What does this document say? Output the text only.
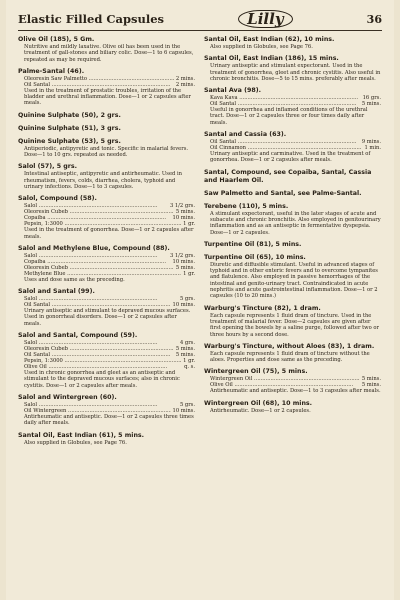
Elastic Filled Capsules	Lilly	36
Olive Oil (185), 5 Gm.
Nutritive and mildly laxative. Olive oil has been used in the treatment of gall-stones and biliary colic. Dose—1 to 6 capsules, repeated as may be required.
Palme-Santal (46).
Oleoresin Saw Palmetto .....	2 mins.
Oil Santal .....	2 mins.
Used in the treatment of prostatic troubles, irritation of the bladder and urethral inflammation. Dose—1 or 2 capsules after meals.
Quinine Sulphate (50), 2 grs.
Quinine Sulphate (51), 3 grs.
Quinine Sulphate (53), 5 grs.
Antiperiodic, antipyretic and tonic. Specific in malarial fevers. Dose—1 to 10 grs. repeated as needed.
Salol (57), 5 grs.
Intestinal antiseptic, antipyretic and antirheumatic. Used in rheumatism, fevers, colds, diarrhea, cholera, typhoid and urinary infections. Dose—1 to 3 capsules.
Salol, Compound (58).
Salol .....	3 1/2 grs.
Oleoresin Cubeb .....	5 mins.
Copaiba .....	10 mins.
Pepsin, 1:3000 .....	1 gr.
Used in the treatment of gonorrhea. Dose—1 or 2 capsules after meals.
Salol and Methylene Blue, Compound (88).
Salol .....	3 1/2 grs.
Copaiba .....	10 mins.
Oleoresin Cubeb .....	5 mins.
Methylene Blue .....	1 gr.
Uses and dose same as the preceding.
Salol and Santal (99).
Salol .....	5 grs.
Oil Santal .....	10 mins.
Urinary antiseptic and stimulant to depraved mucous surfaces. Used in gonorrheal disorders. Dose—1 or 2 capsules after meals.
Salol and Santal, Compound (59).
Salol .....	4 grs.
Oleoresin Cubeb .....	5 mins.
Oil Santal .....	5 mins.
Pepsin, 1:3000 .....	1 gr.
Olive Oil .....	q. s.
Used in chronic gonorrhea and gleet as an antiseptic and stimulant to the depraved mucous surfaces; also in chronic cystitis. Dose—1 or 2 capsules after meals.
Salol and Wintergreen (60).
Salol .....	5 grs.
Oil Wintergreen .....	10 mins.
Antirheumatic and antiseptic. Dose—1 or 2 capsules three times daily after meals.
Santal Oil, East Indian (61), 5 mins.
Also supplied in Globules, see Page 76.
Santal Oil, East Indian (62), 10 mins.
Also supplied in Globules, see Page 76.
Santal Oil, East Indian (186), 15 mins.
Urinary antiseptic and stimulant expectorant. Used in the treatment of gonorrhea, gleet and chronic cystitis. Also useful in chronic bronchitis. Dose—5 to 15 mins. preferably after meals.
Santal Ava (98).
Kava Kava .....	16 grs.
Oil Santal .....	5 mins.
Useful in gonorrhea and inflamed conditions of the urethral tract. Dose—1 or 2 capsules three or four times daily after meals.
Santal and Cassia (63).
Oil Santal .....	9 mins.
Oil Cinnamon .....	1 min.
Urinary antiseptic and carminative. Used in the treatment of gonorrhea. Dose—1 or 2 capsules after meals.
Santal, Compound, see Copaiba, Santal, Cassia and Haarlem Oil.
Saw Palmetto and Santal, see Palme-Santal.
Terebene (110), 5 mins.
A stimulant expectorant, useful in the later stages of acute and subacute and chronic bronchitis. Also employed in genitourinary inflammation and as an antiseptic in fermentative dyspepsia. Dose—1 or 2 capsules.
Turpentine Oil (81), 5 mins.
Turpentine Oil (65), 10 mins.
Diuretic and diffusible stimulant. Useful in advanced stages of typhoid and in other enteric fevers and to overcome tympanites and flatulence. Also employed in passive hemorrhages of the intestinal and genito-urinary tract. Contraindicated in acute nephritis and acute gastrointestinal inflammation. Dose—1 or 2 capsules (10 to 20 mins.)
Warburg's Tincture (82), 1 dram.
Each capsule represents 1 fluid dram of tincture. Used in the treatment of malarial fever. Dose—2 capsules are given after first opening the bowels by a saline purge, followed after two or three hours by a second dose.
Warburg's Tincture, without Aloes (83), 1 dram.
Each capsule represents 1 fluid dram of tincture without the aloes. Properties and dose same as the preceding.
Wintergreen Oil (75), 5 mins.
Wintergreen Oil .....	5 mins.
Olive Oil .....	5 mins.
Antirheumatic and antiseptic. Dose—1 to 3 capsules after meals.
Wintergreen Oil (68), 10 mins.
Antirheumatic. Dose—1 or 2 capsules.
